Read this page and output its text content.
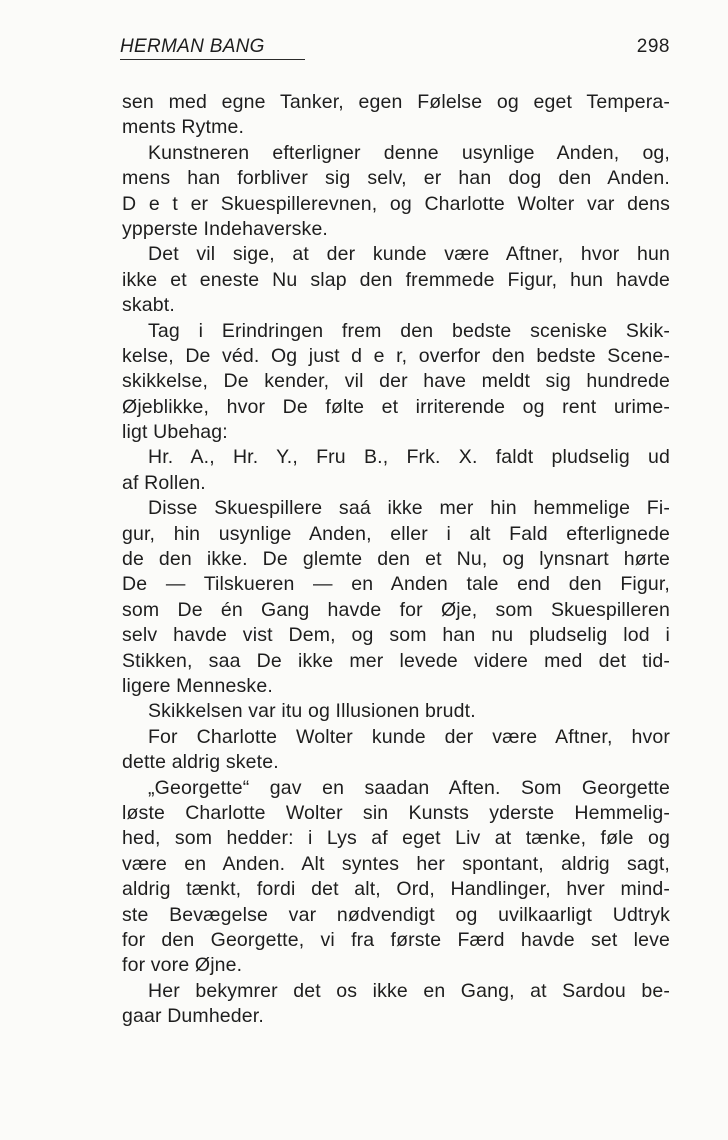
HERMAN BANG	298
sen med egne Tanker, egen Følelse og eget Tempera-
ments Rytme.
Kunstneren efterligner denne usynlige Anden, og,
mens han forbliver sig selv, er han dog den Anden.
D e t er Skuespillerevnen, og Charlotte Wolter var dens
ypperste Indehaverske.
Det vil sige, at der kunde være Aftner, hvor hun
ikke et eneste Nu slap den fremmede Figur, hun havde
skabt.
Tag i Erindringen frem den bedste sceniske Skik-
kelse, De véd. Og just d e r, overfor den bedste Scene-
skikkelse, De kender, vil der have meldt sig hundrede
Øjeblikke, hvor De følte et irriterende og rent urime-
ligt Ubehag:
Hr. A., Hr. Y., Fru B., Frk. X. faldt pludselig ud
af Rollen.
Disse Skuespillere saá ikke mer hin hemmelige Fi-
gur, hin usynlige Anden, eller i alt Fald efterlignede
de den ikke. De glemte den et Nu, og lynsnart hørte
De — Tilskueren — en Anden tale end den Figur,
som De én Gang havde for Øje, som Skuespilleren
selv havde vist Dem, og som han nu pludselig lod i
Stikken, saa De ikke mer levede videre med det tid-
ligere Menneske.
Skikkelsen var itu og Illusionen brudt.
For Charlotte Wolter kunde der være Aftner, hvor
dette aldrig skete.
„Georgette“ gav en saadan Aften. Som Georgette
løste Charlotte Wolter sin Kunsts yderste Hemmelig-
hed, som hedder: i Lys af eget Liv at tænke, føle og
være en Anden. Alt syntes her spontant, aldrig sagt,
aldrig tænkt, fordi det alt, Ord, Handlinger, hver mind-
ste Bevægelse var nødvendigt og uvilkaarligt Udtryk
for den Georgette, vi fra første Færd havde set leve
for vore Øjne.
Her bekymrer det os ikke en Gang, at Sardou be-
gaar Dumheder.
